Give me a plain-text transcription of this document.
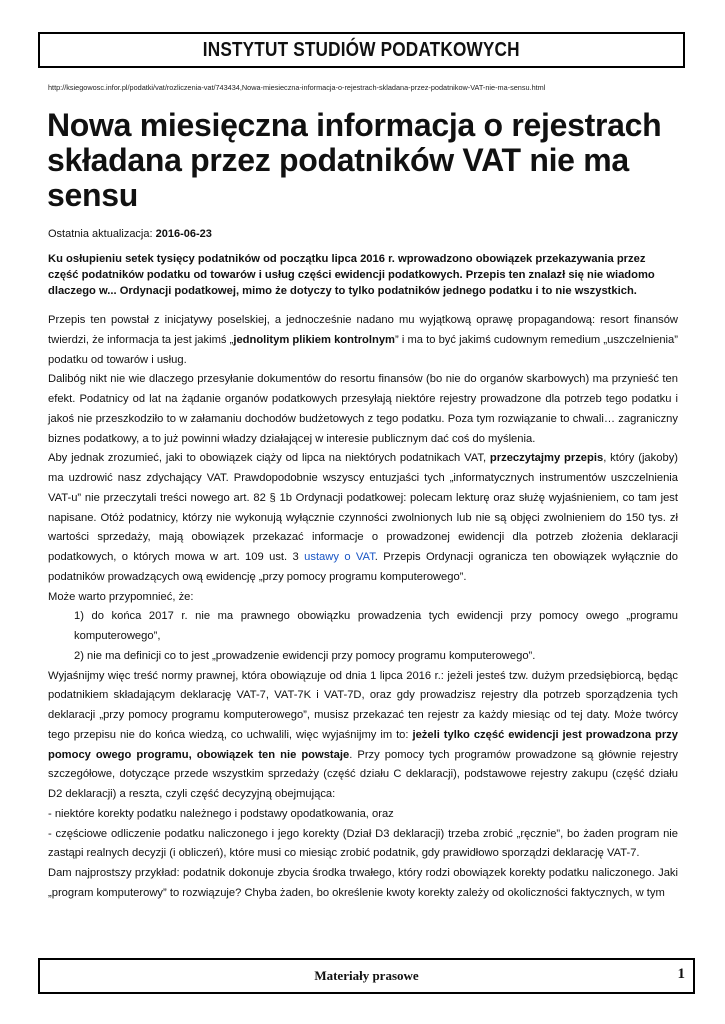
INSTYTUT STUDIÓW PODATKOWYCH
http://ksiegowosc.infor.pl/podatki/vat/rozliczenia-vat/743434,Nowa-miesieczna-informacja-o-rejestrach-skladana-przez-podatnikow-VAT-nie-ma-sensu.html
Nowa miesięczna informacja o rejestrach składana przez podatników VAT nie ma sensu
Ostatnia aktualizacja: 2016-06-23

Ku osłupieniu setek tysięcy podatników od początku lipca 2016 r. wprowadzono obowiązek przekazywania przez część podatników podatku od towarów i usług części ewidencji podatkowych. Przepis ten znalazł się nie wiadomo dlaczego w... Ordynacji podatkowej, mimo że dotyczy to tylko podatników jednego podatku i to nie wszystkich.

Przepis ten powstał z inicjatywy poselskiej, a jednocześnie nadano mu wyjątkową oprawę propagandową: resort finansów twierdzi, że informacja ta jest jakimś „jednolitym plikiem kontrolnym” i ma to być jakimś cudownym remedium „uszczelnienia” podatku od towarów i usług.

Dalibóg nikt nie wie dlaczego przesyłanie dokumentów do resortu finansów (bo nie do organów skarbowych) ma przynieść ten efekt. Podatnicy od lat na żądanie organów podatkowych przesyłają niektóre rejestry prowadzone dla potrzeb tego podatku i jakoś nie przeszkodziło to w załamaniu dochodów budżetowych z tego podatku. Poza tym rozwiązanie to chwali… zagraniczny biznes podatkowy, a to już powinni władzy działającej w interesie publicznym dać coś do myślenia.

Aby jednak zrozumieć, jaki to obowiązek ciąży od lipca na niektórych podatnikach VAT, przeczytajmy przepis, który (jakoby) ma uzdrowić nasz zdychający VAT. Prawdopodobnie wszyscy entuzjaści tych „informatycznych instrumentów uszczelnienia VAT-u” nie przeczytali treści nowego art. 82 § 1b Ordynacji podatkowej: polecam lekturę oraz służę wyjaśnieniem, co tam jest napisane. Otóż podatnicy, którzy nie wykonują wyłącznie czynności zwolnionych lub nie są objęci zwolnieniem do 150 tys. zł wartości sprzedaży, mają obowiązek przekazać informacje o prowadzonej ewidencji dla potrzeb złożenia deklaracji podatkowych, o których mowa w art. 109 ust. 3 ustawy o VAT. Przepis Ordynacji ogranicza ten obowiązek wyłącznie do podatników prowadzących ową ewidencję „przy pomocy programu komputerowego”.

Może warto przypomnieć, że:

1) do końca 2017 r. nie ma prawnego obowiązku prowadzenia tych ewidencji przy pomocy owego „programu komputerowego”,

2) nie ma definicji co to jest „prowadzenie ewidencji przy pomocy programu komputerowego”.

Wyjaśnijmy więc treść normy prawnej, która obowiązuje od dnia 1 lipca 2016 r.: jeżeli jesteś tzw. dużym przedsiębiorcą, będąc podatnikiem składającym deklarację VAT-7, VAT-7K i VAT-7D, oraz gdy prowadzisz rejestry dla potrzeb sporządzenia tych deklaracji „przy pomocy programu komputerowego”, musisz przekazać ten rejestr za każdy miesiąc od tej daty. Może twórcy tego przepisu nie do końca wiedzą, co uchwalili, więc wyjaśnijmy im to: jeżeli tylko część ewidencji jest prowadzona przy pomocy owego programu, obowiązek ten nie powstaje. Przy pomocy tych programów prowadzone są głównie rejestry szczegółowe, dotyczące przede wszystkim sprzedaży (część działu C deklaracji), podstawowe rejestry zakupu (część działu D2 deklaracji) a reszta, czyli część decyzyjną obejmująca:

- niektóre korekty podatku należnego i podstawy opodatkowania, oraz

- częściowe odliczenie podatku naliczonego i jego korekty (Dział D3 deklaracji) trzeba zrobić „ręcznie”, bo żaden program nie zastąpi realnych decyzji (i obliczeń), które musi co miesiąc zrobić podatnik, gdy prawidłowo sporządzi deklarację VAT-7.

Dam najprostszy przykład: podatnik dokonuje zbycia środka trwałego, który rodzi obowiązek korekty podatku naliczonego. Jaki „program komputerowy” to rozwiązuje? Chyba żaden, bo określenie kwoty korekty zależy od okoliczności faktycznych, w tym

Materiały prasowe	1
